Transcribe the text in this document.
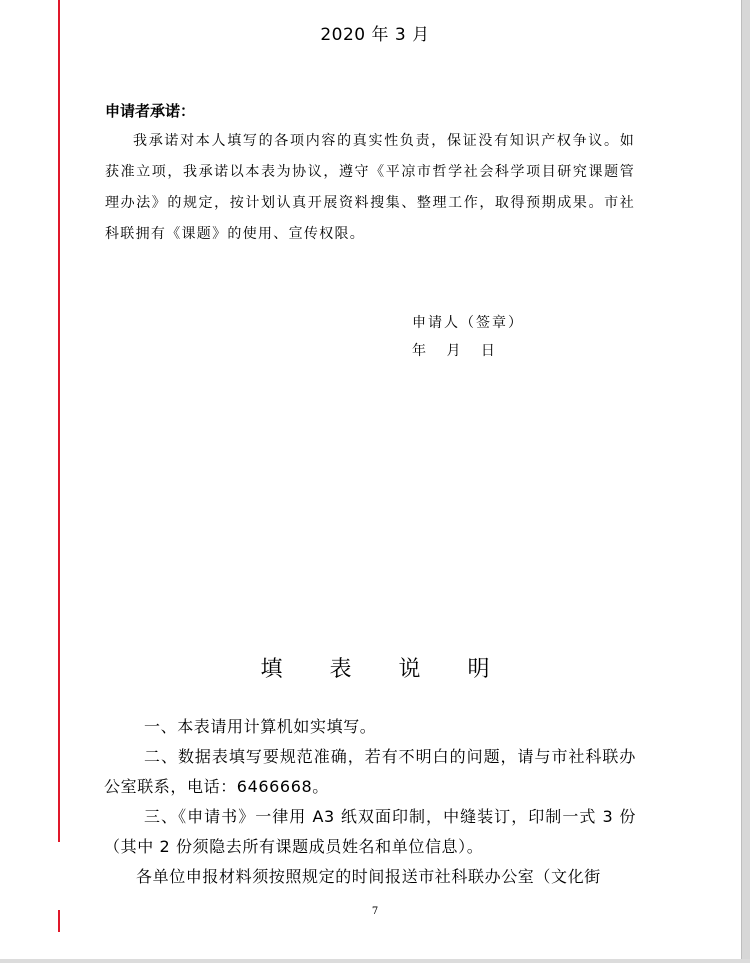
2020 年 3 月
申请者承诺：

我承诺对本人填写的各项内容的真实性负责，保证没有知识产权争议。如获准立项，我承诺以本表为协议，遵守《平凉市哲学社会科学项目研究课题管理办法》的规定，按计划认真开展资料搜集、整理工作，取得预期成果。市社科联拥有《课题》的使用、宣传权限。

申请人（签章）
年 月 日
填 表 说 明

一、本表请用计算机如实填写。

二、数据表填写要规范准确，若有不明白的问题，请与市社科联办公室联系，电话：6466668。

三、《申请书》一律用 A3 纸双面印制，中缝装订，印制一式 3 份（其中 2 份须隐去所有课题成员姓名和单位信息）。

各单位申报材料须按照规定的时间报送市社科联办公室（文化街

7
